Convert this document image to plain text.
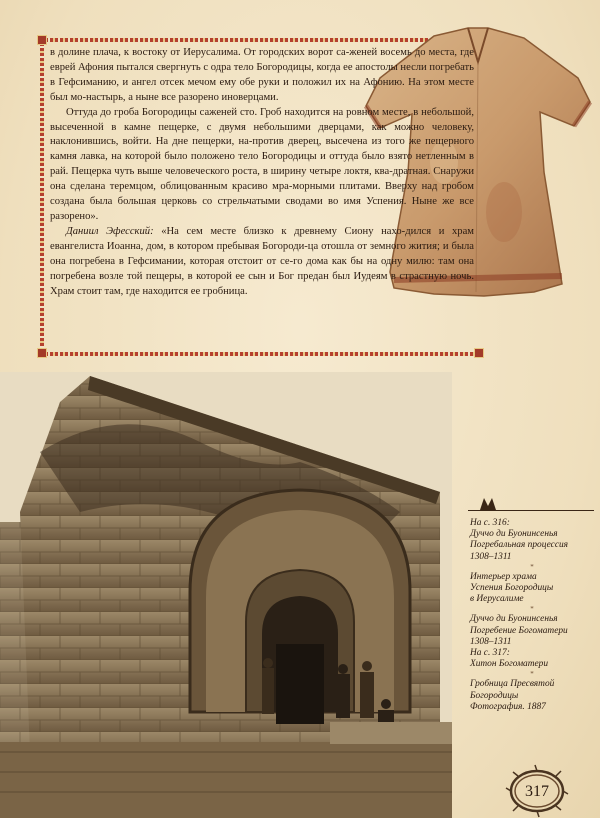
в долине плача, к востоку от Иерусалима. От городских ворот са-женей восемь до места, где еврей Афония пытался свергнуть с одра тело Богородицы, когда ее апостолы несли погребать в Гефсиманию, и ангел отсек мечом ему обе руки и положил их на Афонию. На этом месте был мо-настырь, а ныне все разорено иноверцами.

Оттуда до гроба Богородицы саженей сто. Гроб находится на ровном месте, в небольшой, высеченной в камне пещерке, с двумя небольшими дверцами, как можно человеку, наклонившись, войти. На дне пещерки, на-против дверец, высечена из того же пещерного камня лавка, на которой было положено тело Богородицы и оттуда было взято нетленным в рай. Пещерка чуть выше человеческого роста, в ширину четыре локтя, ква-дратная. Снаружи она сделана теремцом, облицованным красиво мра-морными плитами. Вверху над гробом создана была большая церковь со стрельчатыми сводами во имя Успения. Ныне же все разорено».

Даниил Эфесский: «На сем месте близко к древнему Сиону нахо-дился и храм евангелиста Иоанна, дом, в котором пребывая Богороди-ца отошла от земного жития; и была она погребена в Гефсимании, которая отстоит от се-го дома как бы на одну милю: там она погребена возле той пещеры, в которой ее сын и Бог предан был Иудеям в страстную ночь. Храм стоит там, где находится ее гробница.

На с. 316:
Дуччо ди Буонинсенья
Погребальная процессия
1308–1311
*
Интерьер храма
Успения Богородицы
в Иерусалиме
*
Дуччо ди Буонинсенья
Погребение Богоматери
1308–1311
На с. 317:
Хитон Богоматери
*
Гробница Пресвятой
Богородицы
Фотография. 1887
317
